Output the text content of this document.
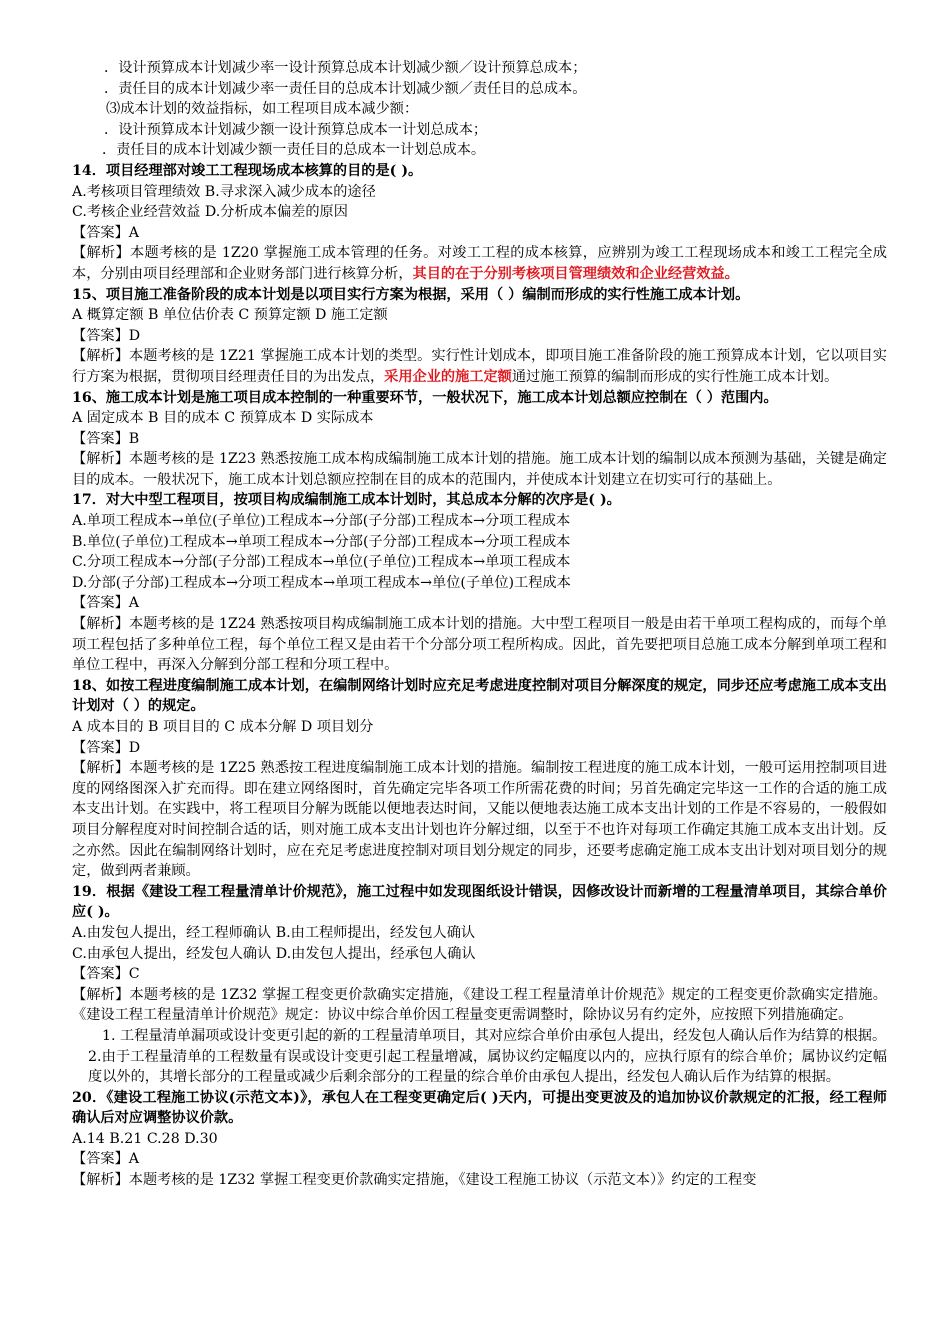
．设计预算成本计划减少率一设计预算总成本计划减少额／设计预算总成本；

．责任目的成本计划减少率一责任目的总成本计划减少额／责任目的总成本。

⑶成本计划的效益指标，如工程项目成本减少额：

．设计预算成本计划减少额一设计预算总成本一计划总成本；

．责任目的成本计划减少额一责任目的总成本一计划总成本。

14．项目经理部对竣工工程现场成本核算的目的是( )。

A.考核项目管理绩效 B.寻求深入减少成本的途径

C.考核企业经营效益 D.分析成本偏差的原因

【答案】A

【解析】本题考核的是 1Z20 掌握施工成本管理的任务。对竣工工程的成本核算，应辨别为竣工工程现场成本和竣工工程完全成本，分别由项目经理部和企业财务部门进行核算分析，其目的在于分别考核项目管理绩效和企业经营效益。

15、项目施工准备阶段的成本计划是以项目实行方案为根据，采用（ ）编制而形成的实行性施工成本计划。

A 概算定额 B 单位估价表 C 预算定额 D 施工定额

【答案】D

【解析】本题考核的是 1Z21 掌握施工成本计划的类型。实行性计划成本，即项目施工准备阶段的施工预算成本计划，它以项目实行方案为根据，贯彻项目经理责任目的为出发点，采用企业的施工定额通过施工预算的编制而形成的实行性施工成本计划。

16、施工成本计划是施工项目成本控制的一种重要环节，一般状况下，施工成本计划总额应控制在（ ）范围内。

A 固定成本 B 目的成本 C 预算成本 D 实际成本

【答案】B

【解析】本题考核的是 1Z23 熟悉按施工成本构成编制施工成本计划的措施。施工成本计划的编制以成本预测为基础，关键是确定目的成本。一般状况下，施工成本计划总额应控制在目的成本的范围内，并使成本计划建立在切实可行的基础上。

17．对大中型工程项目，按项目构成编制施工成本计划时，其总成本分解的次序是( )。

A.单项工程成本→单位(子单位)工程成本→分部(子分部)工程成本→分项工程成本

B.单位(子单位)工程成本→单项工程成本→分部(子分部)工程成本→分项工程成本

C.分项工程成本→分部(子分部)工程成本→单位(子单位)工程成本→单项工程成本

D.分部(子分部)工程成本→分项工程成本→单项工程成本→单位(子单位)工程成本

【答案】A

【解析】本题考核的是 1Z24 熟悉按项目构成编制施工成本计划的措施。大中型工程项目一般是由若干单项工程构成的，而每个单项工程包括了多种单位工程，每个单位工程又是由若干个分部分项工程所构成。因此，首先要把项目总施工成本分解到单项工程和单位工程中，再深入分解到分部工程和分项工程中。

18、如按工程进度编制施工成本计划，在编制网络计划时应充足考虑进度控制对项目分解深度的规定，同步还应考虑施工成本支出计划对（ ）的规定。

A 成本目的 B 项目目的 C 成本分解 D 项目划分

【答案】D

【解析】本题考核的是 1Z25 熟悉按工程进度编制施工成本计划的措施。编制按工程进度的施工成本计划，一般可运用控制项目进度的网络图深入扩充而得。即在建立网络图时，首先确定完毕各项工作所需花费的时间；另首先确定完毕这一工作的合适的施工成本支出计划。在实践中，将工程项目分解为既能以便地表达时间，又能以便地表达施工成本支出计划的工作是不容易的，一般假如项目分解程度对时间控制合适的话，则对施工成本支出计划也许分解过细，以至于不也许对每项工作确定其施工成本支出计划。反之亦然。因此在编制网络计划时，应在充足考虑进度控制对项目划分规定的同步，还要考虑确定施工成本支出计划对项目划分的规定，做到两者兼顾。

19．根据《建设工程工程量清单计价规范》，施工过程中如发现图纸设计错误，因修改设计而新增的工程量清单项目，其综合单价应( )。

A.由发包人提出，经工程师确认 B.由工程师提出，经发包人确认

C.由承包人提出，经发包人确认 D.由发包人提出，经承包人确认

【答案】C

【解析】本题考核的是 1Z32 掌握工程变更价款确实定措施，《建设工程工程量清单计价规范》规定的工程变更价款确实定措施。《建设工程工程量清单计价规范》规定：协议中综合单价因工程量变更需调整时，除协议另有约定外，应按照下列措施确定。

1. 工程量清单漏项或设计变更引起的新的工程量清单项目，其对应综合单价由承包人提出，经发包人确认后作为结算的根据。

2.由于工程量清单的工程数量有误或设计变更引起工程量增减，属协议约定幅度以内的，应执行原有的综合单价；属协议约定幅度以外的，其增长部分的工程量或减少后剩余部分的工程量的综合单价由承包人提出，经发包人确认后作为结算的根据。

20．《建设工程施工协议(示范文本)》，承包人在工程变更确定后( )天内，可提出变更波及的追加协议价款规定的汇报，经工程师确认后对应调整协议价款。

A.14 B.21 C.28 D.30

【答案】A

【解析】本题考核的是 1Z32 掌握工程变更价款确实定措施，《建设工程施工协议（示范文本）》约定的工程变
